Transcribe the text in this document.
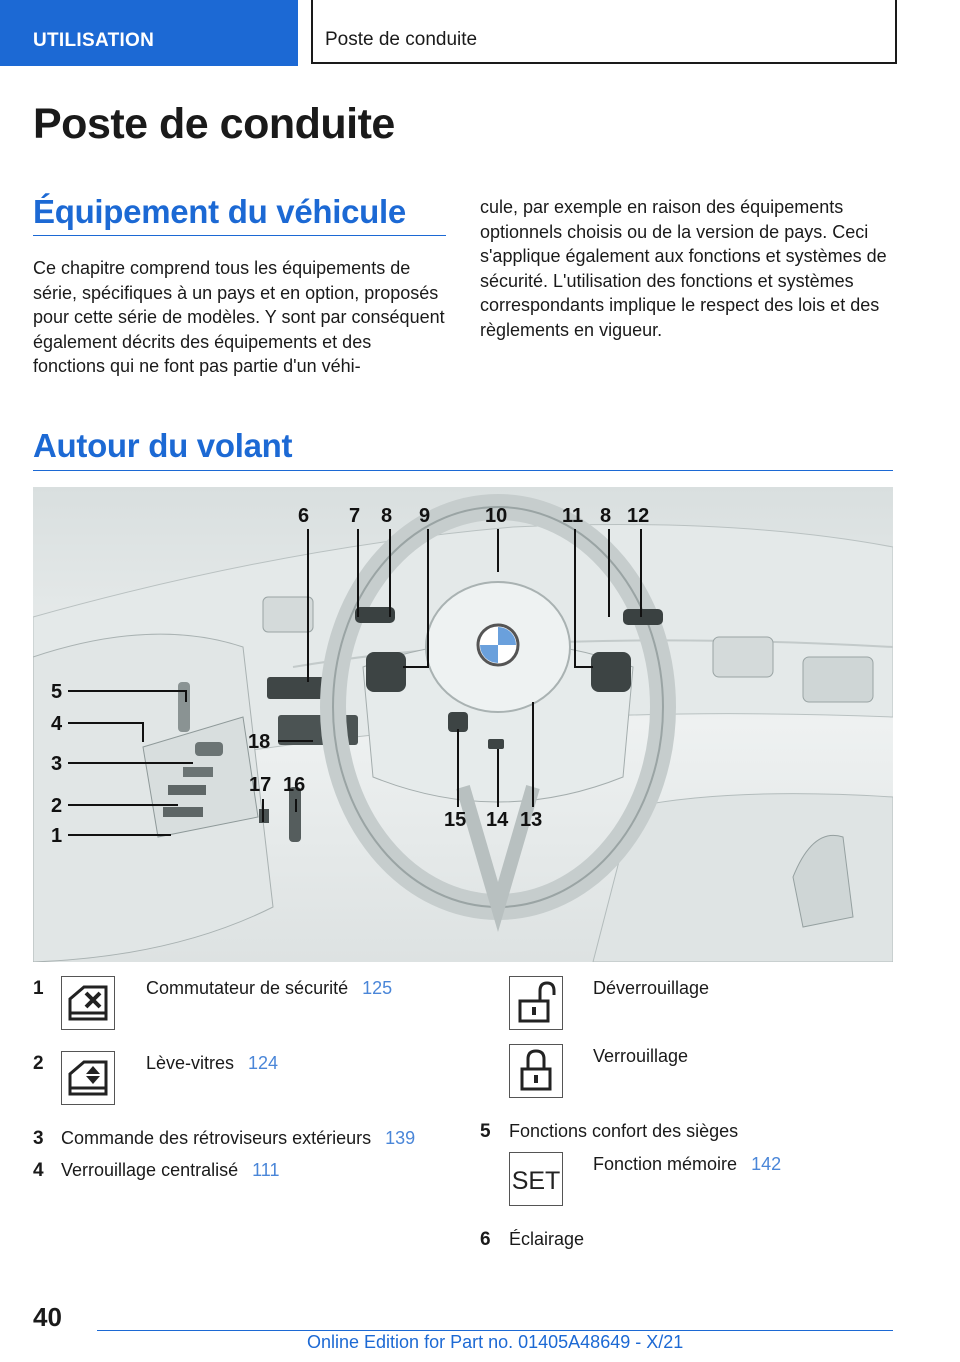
UTILISATION	Poste de conduite
Poste de conduite
Équipement du véhicule

Ce chapitre comprend tous les équipements de série, spécifiques à un pays et en option, proposés pour cette série de modèles. Y sont par conséquent également décrits des équipements et des fonctions qui ne font pas partie d'un véhi-

cule, par exemple en raison des équipements optionnels choisis ou de la version de pays. Ceci s'applique également aux fonctions et systèmes de sécurité. L'utilisation des fonctions et systèmes correspondants implique le respect des lois et des règlements en vigueur.

Autour du volant
6 7 8 9	10	11 8 12
5
4
3
2
1
18
17 16
15 14 13
1	Commutateur de sécurité 125
2	Lève-vitres 124
3 Commande des rétroviseurs extérieurs 139
4 Verrouillage centralisé 111
Déverrouillage
Verrouillage
5 Fonctions confort des sièges
SET
Fonction mémoire 142
6 Éclairage
40
Online Edition for Part no. 01405A48649 - X/21
